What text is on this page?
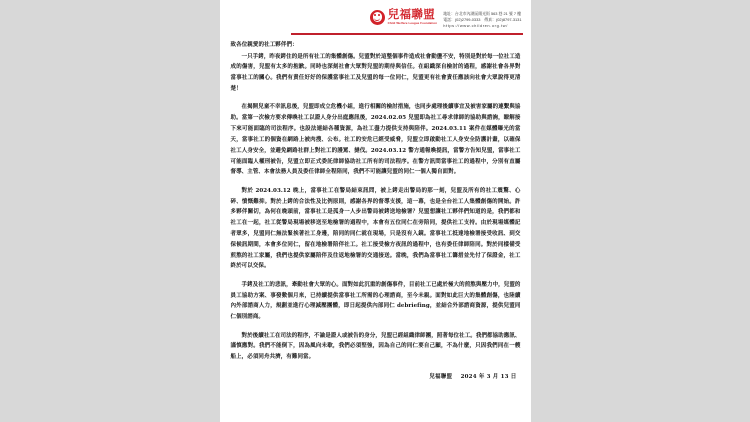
兒福聯盟
Child Welfare League Foundation
地址：台北市內湖區陽光街 563 巷 21 號 7 樓
電話：(02)2799-0333　傳真：(02)8797-3131
https://www.children.org.tw/
致各位親愛的社工夥伴們：

一只手銬，昨夜銬住的是所有社工的集體創傷。兒盟對於這整個事件造成社會動盪不安，特別是對於每一位社工造成的傷害，兒盟有太多的抱歉。同時也深刻社會大眾對兒盟的期待與信任。在組織深自檢討的過程，感謝社會各界對當事社工的關心。我們有責任好好的保護當事社工及兒盟的每一位同仁，兒盟更有社會責任應該向社會大眾說得更清楚！

在揭開兒童不幸訊息後，兒盟即成立危機小組，進行相關的檢討措施，也同步處理後續事宜及被害家屬的連繫與協助。當第一次檢方要求傳喚社工以證人身分出庭應訊後，2024.02.05 兒盟即為社工尋求律師的協助與諮詢，瞭解接下來可能面臨的司法程序。也設法連結各種資源，為社工盡力提供支持與陪伴。2024.03.11 案件在媒體曝光的當天，當事社工的個資在網路上被肉搜、公布。社工的安危已經受威脅，兒盟立即啟動社工人身安全防護計畫，以確保社工人身安全，並避免網路社群上對社工的謾罵、撻伐。2024.03.12 警方通報喚提訊，當警方告知兒盟，當事社工可能面臨人權刑被告，兒盟立即正式委託律師協助社工所有的司法程序。在警方訊問當事社工的過程中，分別有直屬督導、主管、本會法務人員及委任律師全程陪同，我們不可能讓兒盟的同仁一個人獨自面對。

對於 2024.03.12 晚上，當事社工在警局結束訊問，被上銬走出警局的那一刻，兒盟及所有的社工震驚、心碎、憤慨難抑。對於上銬的合法性及比例原則，感謝各界的督導支援，這一幕，也是全台社工人集體創傷的開始。許多夥伴關切，為何在晚頭前，當事社工是孤身一人步出警局被銬送地檢署？兒盟想讓社工夥伴們知道的是，我們都和社工在一起，社工從警局現場被移送至地檢署的過程中，本會有五位同仁在旁陪同，提供社工支持。由於現場媒體記者眾多，兒盟同仁無法緊挨著社工身邊，陪同的同仁就在現場，只是沒有入鏡。當事社工抵達地檢署接受收訊、到交保候訊期間，本會多位同仁，留在地檢署陪伴社工。社工接受檢方夜訊的過程中，也有委任律師陪同。對於同樣備受煎熬的社工家屬，我們也提供家屬陪伴及往返地檢署的交通接送。當晚，我們為當事社工籌措並先付了保證金，社工終於可以交保。

手銬及社工的悲訊，牽動社會大眾的心。面對如此沉重的創傷事件，目前社工已處於極大的煎熬與壓力中，兒盟的員工協助方案、事發數個月來，已持續提供當事社工所需的心理諮商，至今未親。面對如此巨大的集體創傷，也陸續內外部諮商人力，規劃並進行心理減壓團體，即日起提供內部同仁 debriefing，並結合外部諮商資源，提供兒盟同仁個別諮商。

對於後續社工在司法的程序，不論是證人或被告的身分，兒盟已經組織律師團，照著每位社工。我們都協助應訊、謹慎應對。我們不能倒下，因為風向未歇，我們必須堅強，因為自己的同仁要自己顧，不為什麼，只因我們同在一艘船上，必須同舟共濟，有難同當。

兒福聯盟 2024 年 3 月 13 日
